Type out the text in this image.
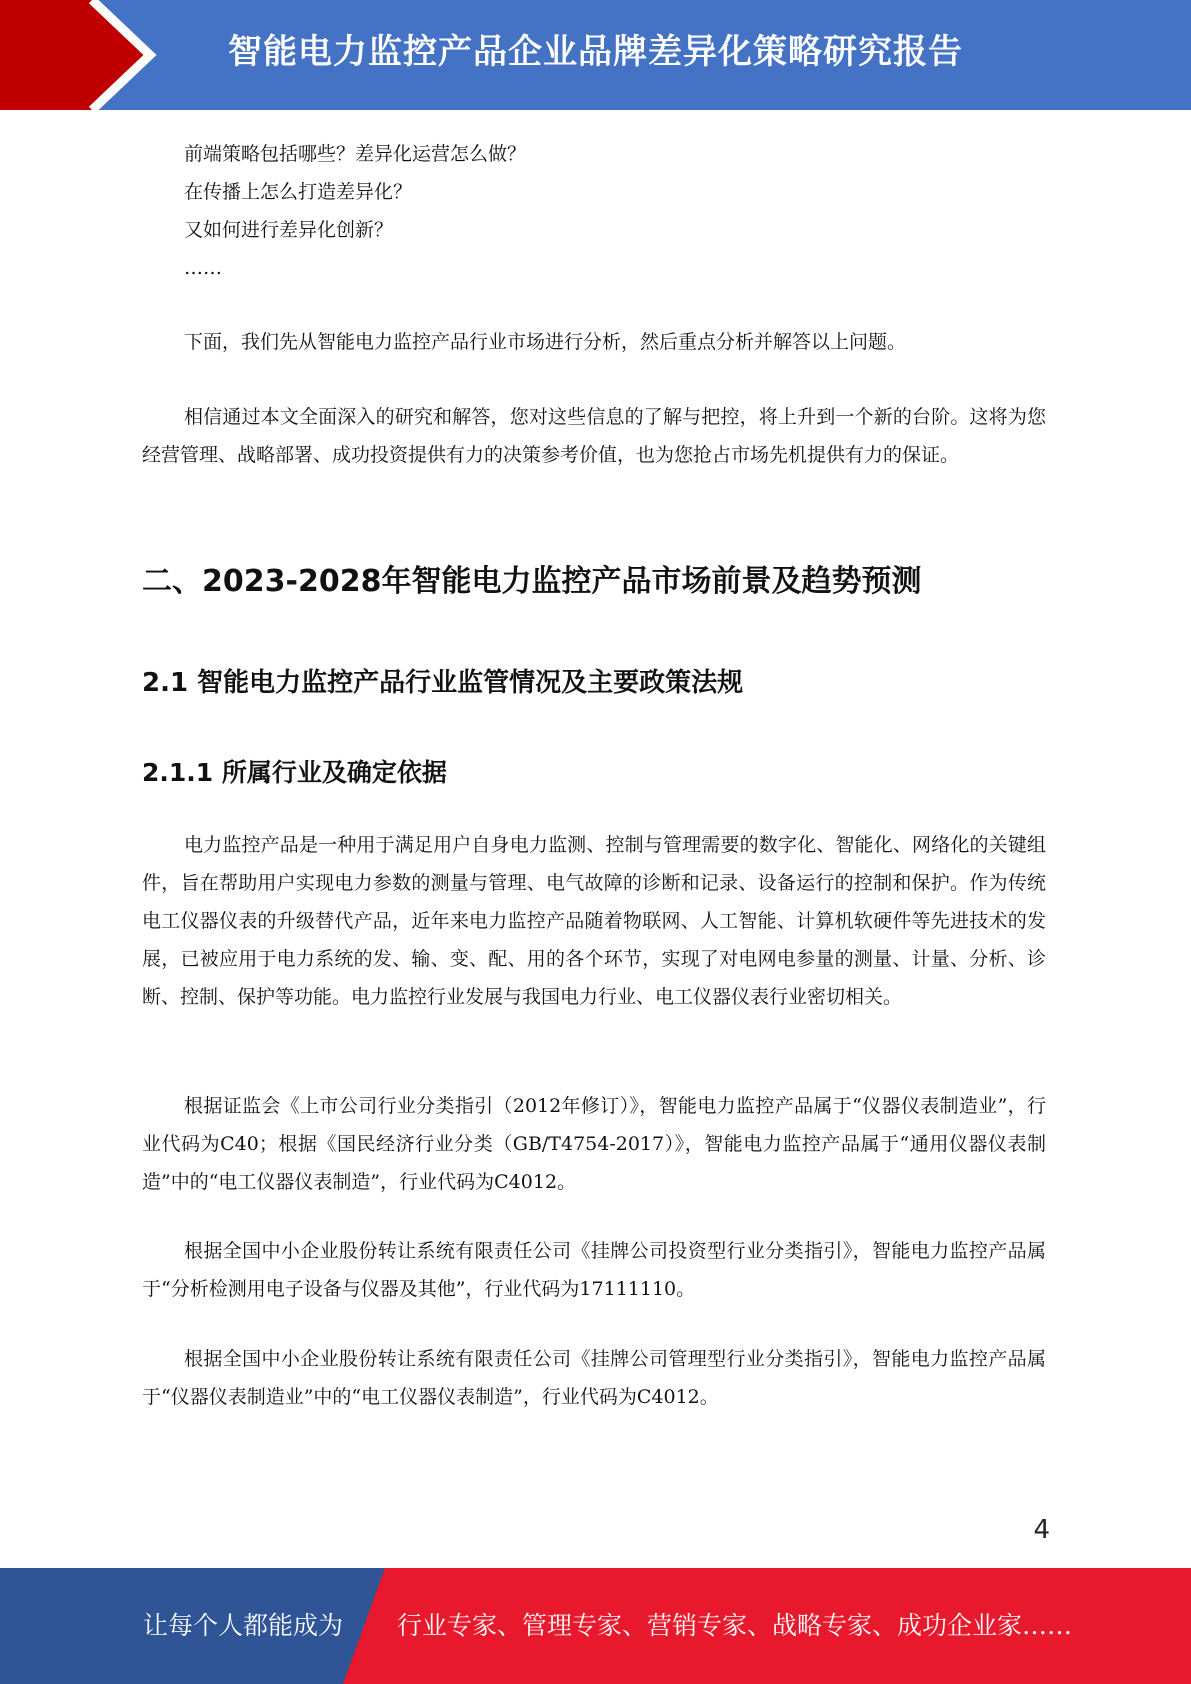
智能电力监控产品企业品牌差异化策略研究报告
前端策略包括哪些？差异化运营怎么做？
在传播上怎么打造差异化？
又如何进行差异化创新？
……

下面，我们先从智能电力监控产品行业市场进行分析，然后重点分析并解答以上问题。

相信通过本文全面深入的研究和解答，您对这些信息的了解与把控，将上升到一个新的台阶。这将为您经营管理、战略部署、成功投资提供有力的决策参考价值，也为您抢占市场先机提供有力的保证。

二、2023-2028年智能电力监控产品市场前景及趋势预测
2.1 智能电力监控产品行业监管情况及主要政策法规
2.1.1 所属行业及确定依据

电力监控产品是一种用于满足用户自身电力监测、控制与管理需要的数字化、智能化、网络化的关键组件，旨在帮助用户实现电力参数的测量与管理、电气故障的诊断和记录、设备运行的控制和保护。作为传统电工仪器仪表的升级替代产品，近年来电力监控产品随着物联网、人工智能、计算机软硬件等先进技术的发展，已被应用于电力系统的发、输、变、配、用的各个环节，实现了对电网电参量的测量、计量、分析、诊断、控制、保护等功能。电力监控行业发展与我国电力行业、电工仪器仪表行业密切相关。

根据证监会《上市公司行业分类指引（2012年修订）》，智能电力监控产品属于“仪器仪表制造业”，行业代码为C40；根据《国民经济行业分类（GB/T4754-2017）》，智能电力监控产品属于“通用仪器仪表制造”中的“电工仪器仪表制造”，行业代码为C4012。

根据全国中小企业股份转让系统有限责任公司《挂牌公司投资型行业分类指引》，智能电力监控产品属于“分析检测用电子设备与仪器及其他”，行业代码为17111110。

根据全国中小企业股份转让系统有限责任公司《挂牌公司管理型行业分类指引》，智能电力监控产品属于“仪器仪表制造业”中的“电工仪器仪表制造”，行业代码为C4012。

4
让每个人都能成为 行业专家、管理专家、营销专家、战略专家、成功企业家……
